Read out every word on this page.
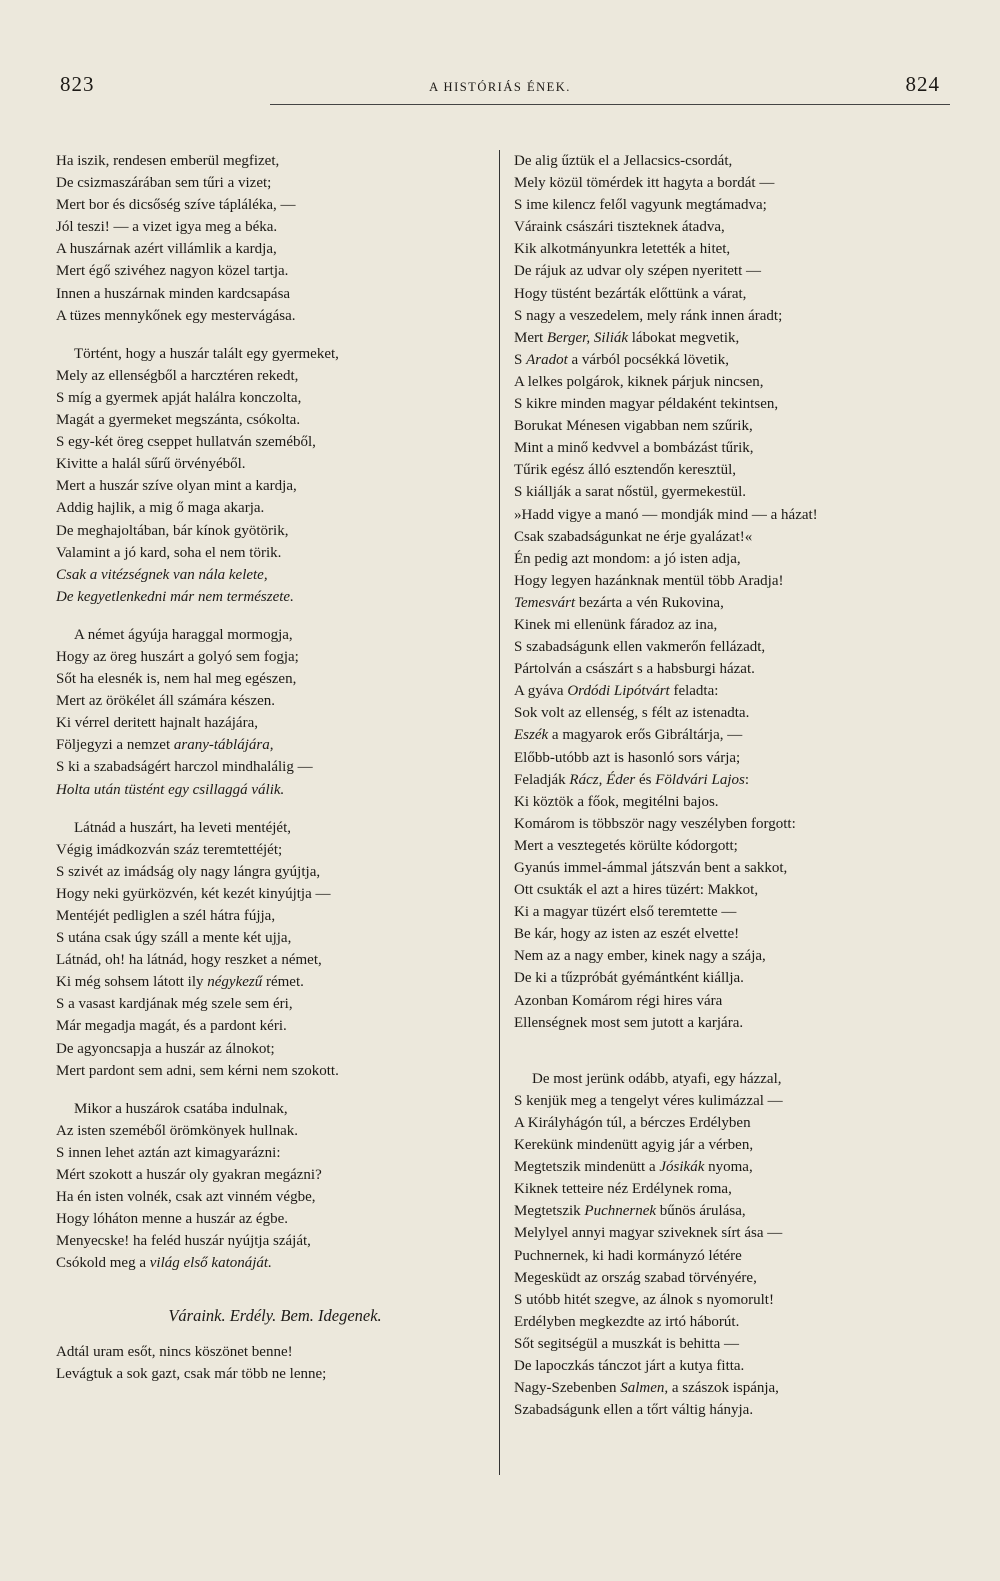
823	A HISTÓRIÁS ÉNEK.	824
Ha iszik, rendesen emberül megfizet,
De csizmaszárában sem tűri a vizet;
Mert bor és dicsőség szíve tápláléka, —
Jól teszi! — a vizet igya meg a béka.
A huszárnak azért villámlik a kardja,
Mert égő szivéhez nagyon közel tartja.
Innen a huszárnak minden kardcsapása
A tüzes mennykőnek egy mestervágása.
Történt, hogy a huszár talált egy gyermeket,
Mely az ellenségből a harcztéren rekedt,
S míg a gyermek apját halálra konczolta,
Magát a gyermeket megszánta, csókolta.
S egy-két öreg cseppet hullatván szeméből,
Kivitte a halál sűrű örvényéből.
Mert a huszár szíve olyan mint a kardja,
Addig hajlik, a mig ő maga akarja.
De meghajoltában, bár kínok gyötörik,
Valamint a jó kard, soha el nem törik.
Csak a vitézségnek van nála kelete,
De kegyetlenkedni már nem természete.
A német ágyúja haraggal mormogja,
Hogy az öreg huszárt a golyó sem fogja;
Sőt ha elesnék is, nem hal meg egészen,
Mert az örökélet áll számára készen.
Ki vérrel deritett hajnalt hazájára,
Följegyzi a nemzet arany-táblájára,
S ki a szabadságért harczol mindhalálig —
Holta után tüstént egy csillaggá válik.
Látnád a huszárt, ha leveti mentéjét,
Végig imádkozván száz teremtettéjét;
S szivét az imádság oly nagy lángra gyújtja,
Hogy neki gyürközvén, két kezét kinyújtja —
Mentéjét pedliglen a szél hátra fújja,
S utána csak úgy száll a mente két ujja,
Látnád, oh! ha látnád, hogy reszket a német,
Ki még sohsem látott ily négykezű rémet.
S a vasast kardjának még szele sem éri,
Már megadja magát, és a pardont kéri.
De agyoncsapja a huszár az álnokot;
Mert pardont sem adni, sem kérni nem szokott.
Mikor a huszárok csatába indulnak,
Az isten szeméből örömkönyek hullnak.
S innen lehet aztán azt kimagyarázni:
Mért szokott a huszár oly gyakran megázni?
Ha én isten volnék, csak azt vinném végbe,
Hogy lóháton menne a huszár az égbe.
Menyecske! ha feléd huszár nyújtja száját,
Csókold meg a világ első katonáját.
Váraink. Erdély. Bem. Idegenek.
Adtál uram esőt, nincs köszönet benne!
Levágtuk a sok gazt, csak már több ne lenne;
De alig űztük el a Jellacsics-csordát,
Mely közül tömérdek itt hagyta a bordát —
S ime kilencz felől vagyunk megtámadva;
Váraink császári tiszteknek átadva,
Kik alkotmányunkra letették a hitet,
De rájuk az udvar oly szépen nyeritett —
Hogy tüstént bezárták előttünk a várat,
S nagy a veszedelem, mely ránk innen áradt;
Mert Berger, Siliák lábokat megvetik,
S Aradot a várból pocsékká lövetik,
A lelkes polgárok, kiknek párjuk nincsen,
S kikre minden magyar példaként tekintsen,
Borukat Ménesen vigabban nem szűrik,
Mint a minő kedvvel a bombázást tűrik,
Tűrik egész álló esztendőn keresztül,
S kiállják a sarat nőstül, gyermekestül.
»Hadd vigye a manó — mondják mind — a házat!
Csak szabadságunkat ne érje gyalázat!«
Én pedig azt mondom: a jó isten adja,
Hogy legyen hazánknak mentül több Aradja!
Temesvárt bezárta a vén Rukovina,
Kinek mi ellenünk fáradoz az ina,
S szabadságunk ellen vakmerőn fellázadt,
Pártolván a császárt s a habsburgi házat.
A gyáva Ordódi Lipótvárt feladta:
Sok volt az ellenség, s félt az istenadta.
Eszék a magyarok erős Gibráltárja, —
Előbb-utóbb azt is hasonló sors várja;
Feladják Rácz, Éder és Földvári Lajos:
Ki köztök a főok, megitélni bajos.
Komárom is többször nagy veszélyben forgott:
Mert a vesztegetés körülte kódorgott;
Gyanús immel-ámmal játszván bent a sakkot,
Ott csukták el azt a hires tüzért: Makkot,
Ki a magyar tüzért első teremtette —
Be kár, hogy az isten az eszét elvette!
Nem az a nagy ember, kinek nagy a szája,
De ki a tűzpróbát gyémántként kiállja.
Azonban Komárom régi hires vára
Ellenségnek most sem jutott a karjára.
De most jerünk odább, atyafi, egy házzal,
S kenjük meg a tengelyt véres kulimázzal —
A Királyhágón túl, a bérczes Erdélyben
Kerekünk mindenütt agyig jár a vérben,
Megtetszik mindenütt a Jósikák nyoma,
Kiknek tetteire néz Erdélynek roma,
Megtetszik Puchnernek bűnös árulása,
Melylyel annyi magyar sziveknek sírt ása —
Puchnernek, ki hadi kormányzó létére
Megesküdt az ország szabad törvényére,
S utóbb hitét szegve, az álnok s nyomorult!
Erdélyben megkezdte az irtó háborút.
Sőt segitségül a muszkát is behitta —
De lapoczkás tánczot járt a kutya fitta.
Nagy-Szebenben Salmen, a szászok ispánja,
Szabadságunk ellen a tőrt váltig hányja.
